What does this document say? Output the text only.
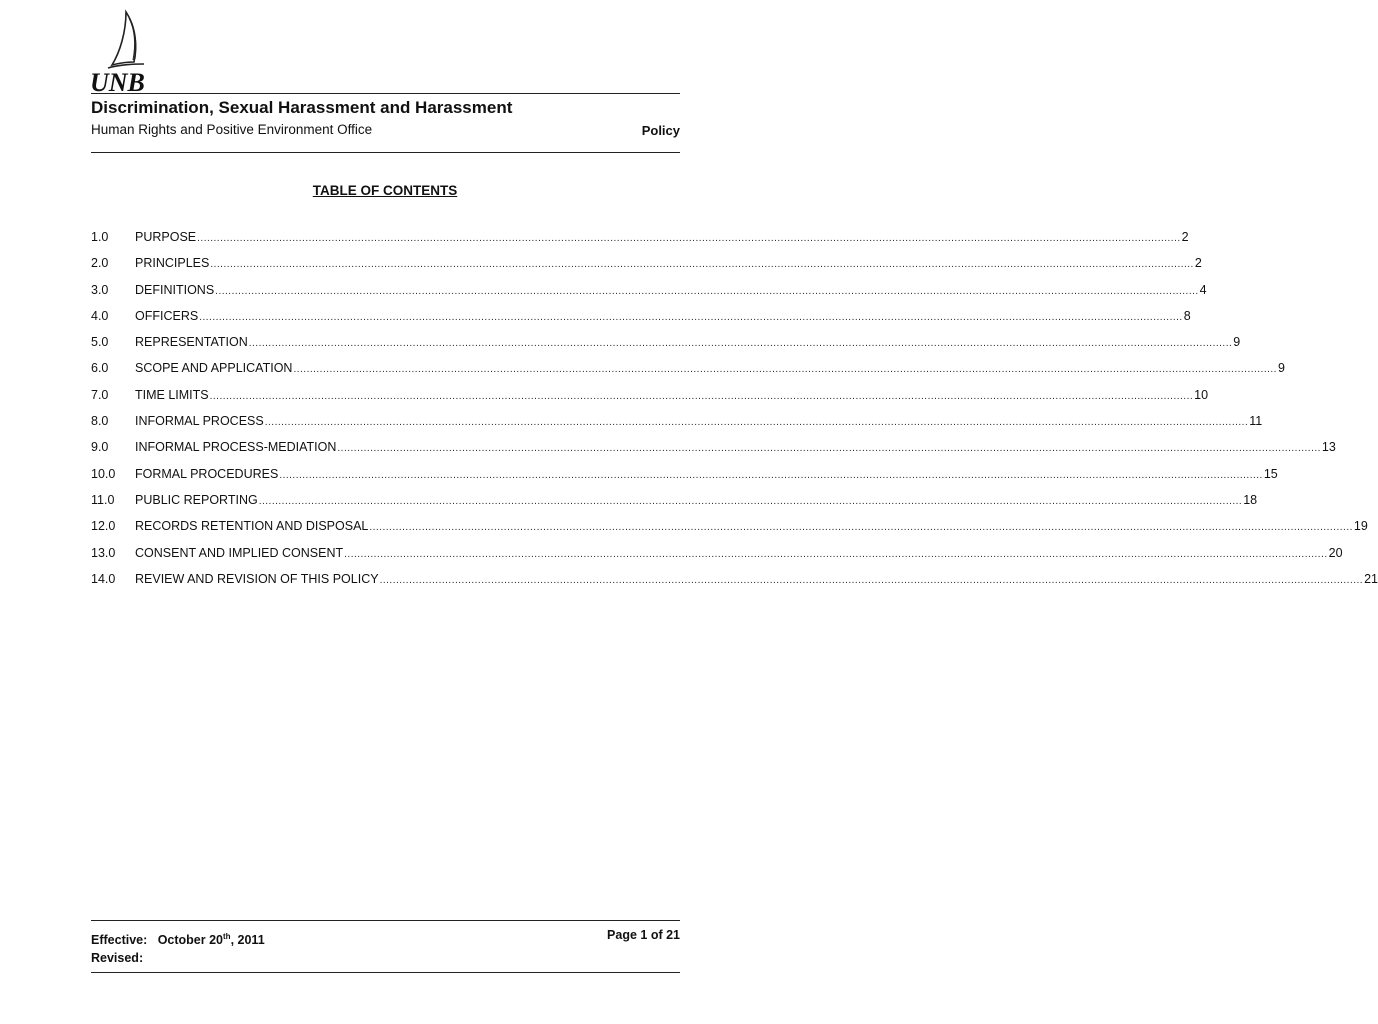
UNB
Discrimination, Sexual Harassment and Harassment
Human Rights and Positive Environment Office	Policy
TABLE OF CONTENTS
1.0	PURPOSE ............................................................................................................................................................................................................................................................................................................ 2
2.0	PRINCIPLES ............................................................................................................................................................................................................................................................................................................ 2
3.0	DEFINITIONS ............................................................................................................................................................................................................................................................................................................ 4
4.0	OFFICERS ............................................................................................................................................................................................................................................................................................................ 8
5.0	REPRESENTATION ............................................................................................................................................................................................................................................................................................................ 9
6.0	SCOPE AND APPLICATION ............................................................................................................................................................................................................................................................................................................ 9
7.0	TIME LIMITS ............................................................................................................................................................................................................................................................................................................ 10
8.0	INFORMAL PROCESS ............................................................................................................................................................................................................................................................................................................ 11
9.0	INFORMAL PROCESS-MEDIATION ............................................................................................................................................................................................................................................................................................................ 13
10.0	FORMAL PROCEDURES ............................................................................................................................................................................................................................................................................................................ 15
11.0	PUBLIC REPORTING ............................................................................................................................................................................................................................................................................................................ 18
12.0	RECORDS RETENTION AND DISPOSAL ............................................................................................................................................................................................................................................................................................................ 19
13.0	CONSENT AND IMPLIED CONSENT ............................................................................................................................................................................................................................................................................................................ 20
14.0	REVIEW AND REVISION OF THIS POLICY ............................................................................................................................................................................................................................................................................................................ 21
Effective: October 20th, 2011
Revised:
Page 1 of 21
